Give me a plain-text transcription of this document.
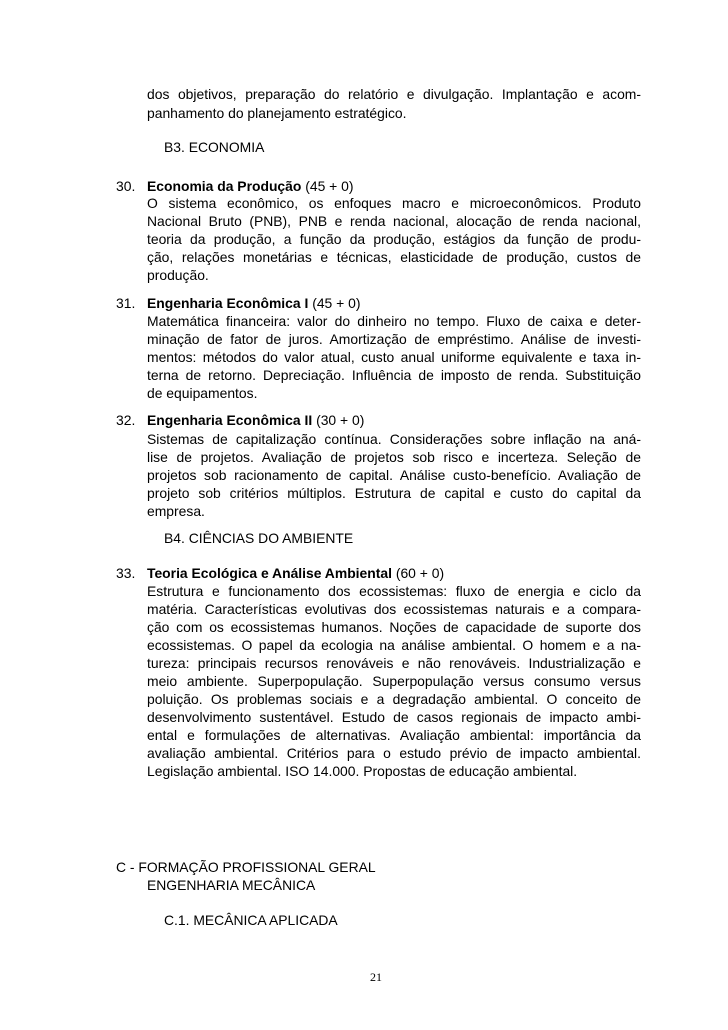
dos objetivos, preparação do relatório e divulgação. Implantação e acom-
panhamento do planejamento estratégico.
B3. ECONOMIA
30. Economia da Produção (45 + 0)
O sistema econômico, os enfoques macro e microeconômicos. Produto
Nacional Bruto (PNB), PNB e renda nacional, alocação de renda nacional,
teoria da produção, a função da produção, estágios da função de produ-
ção, relações monetárias e técnicas, elasticidade de produção, custos de
produção.
31. Engenharia Econômica I (45 + 0)
Matemática financeira: valor do dinheiro no tempo. Fluxo de caixa e deter-
minação de fator de juros. Amortização de empréstimo. Análise de investi-
mentos: métodos do valor atual, custo anual uniforme equivalente e taxa in-
terna de retorno. Depreciação. Influência de imposto de renda. Substituição
de equipamentos.
32. Engenharia Econômica II (30 + 0)
Sistemas de capitalização contínua. Considerações sobre inflação na aná-
lise de projetos. Avaliação de projetos sob risco e incerteza. Seleção de
projetos sob racionamento de capital. Análise custo-benefício. Avaliação de
projeto sob critérios múltiplos. Estrutura de capital e custo do capital da
empresa.
B4. CIÊNCIAS DO AMBIENTE
33. Teoria Ecológica e Análise Ambiental (60 + 0)
Estrutura e funcionamento dos ecossistemas: fluxo de energia e ciclo da
matéria. Características evolutivas dos ecossistemas naturais e a compara-
ção com os ecossistemas humanos. Noções de capacidade de suporte dos
ecossistemas. O papel da ecologia na análise ambiental. O homem e a na-
tureza: principais recursos renováveis e não renováveis. Industrialização e
meio ambiente. Superpopulação. Superpopulação versus consumo versus
poluição. Os problemas sociais e a degradação ambiental. O conceito de
desenvolvimento sustentável. Estudo de casos regionais de impacto ambi-
ental e formulações de alternativas. Avaliação ambiental: importância da
avaliação ambiental. Critérios para o estudo prévio de impacto ambiental.
Legislação ambiental. ISO 14.000. Propostas de educação ambiental.
C - FORMAÇÃO PROFISSIONAL GERAL
ENGENHARIA MECÂNICA
C.1. MECÂNICA APLICADA
21
